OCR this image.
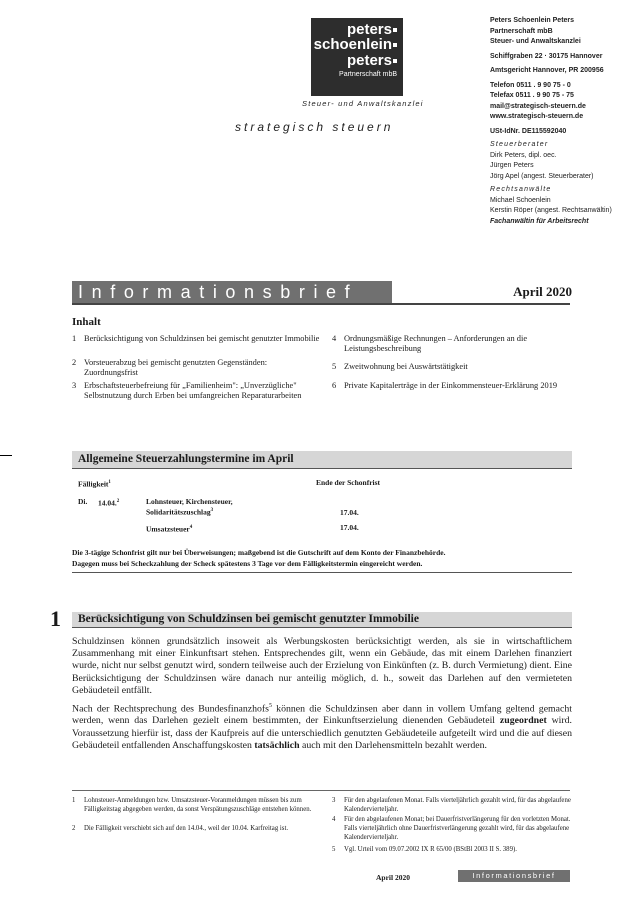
peters
schoenlein
peters
Partnerschaft mbB
Steuer- und Anwaltskanzlei
strategisch steuern
Peters Schoenlein Peters
Partnerschaft mbB
Steuer- und Anwaltskanzlei
Schiffgraben 22 · 30175 Hannover
Amtsgericht Hannover, PR 200956
Telefon 0511 . 9 90 75 - 0
Telefax 0511 . 9 90 75 - 75
mail@strategisch-steuern.de
www.strategisch-steuern.de
USt-IdNr. DE115592040
Steuerberater
Dirk Peters, dipl. oec.
Jürgen Peters
Jörg Apel (angest. Steuerberater)
Rechtsanwälte
Michael Schoenlein
Kerstin Röper (angest. Rechtsanwältin)
Fachanwältin für Arbeitsrecht
Informationsbrief	April 2020
Inhalt
1 Berücksichtigung von Schuldzinsen bei gemischt genutzter Immobilie
2 Vorsteuerabzug bei gemischt genutzten Gegenständen: Zuordnungsfrist
3 Erbschaftsteuerbefreiung für „Familienheim": „Unverzügliche" Selbstnutzung durch Erben bei umfangreichen Reparaturarbeiten
4 Ordnungsmäßige Rechnungen – Anforderungen an die Leistungsbeschreibung
5 Zweitwohnung bei Auswärtstätigkeit
6 Private Kapitalerträge in der Einkommensteuer-Erklärung 2019
Allgemeine Steuerzahlungstermine im April
Fälligkeit$^1$	Ende der Schonfrist
Di. 14.04.$^2$	Lohnsteuer, Kirchensteuer, Solidaritätszuschlag$^3$	17.04.
Umsatzsteuer$^4$	17.04.
Die 3-tägige Schonfrist gilt nur bei Überweisungen; maßgebend ist die Gutschrift auf dem Konto der Finanzbehörde.
Dagegen muss bei Scheckzahlung der Scheck spätestens 3 Tage vor dem Fälligkeitstermin eingereicht werden.
1 Berücksichtigung von Schuldzinsen bei gemischt genutzter Immobilie
Schuldzinsen können grundsätzlich insoweit als Werbungskosten berücksichtigt werden, als sie in wirtschaftlichem Zusammenhang mit einer Einkunftsart stehen. Entsprechendes gilt, wenn ein Gebäude, das mit einem Darlehen finanziert wurde, nicht nur selbst genutzt wird, sondern teilweise auch der Erzielung von Einkünften (z. B. durch Vermietung) dient. Eine Berücksichtigung der Schuldzinsen wäre danach nur anteilig möglich, d. h., soweit das Darlehen auf den vermieteten Gebäudeteil entfällt.
Nach der Rechtsprechung des Bundesfinanzhofs$^5$ können die Schuldzinsen aber dann in vollem Umfang geltend gemacht werden, wenn das Darlehen gezielt einem bestimmten, der Einkunftserzielung dienenden Gebäudeteil zugeordnet wird. Voraussetzung hierfür ist, dass der Kaufpreis auf die unterschiedlich genutzten Gebäudeteile aufgeteilt wird und die auf diesen Gebäudeteil entfallenden Anschaffungskosten tatsächlich auch mit den Darlehensmitteln bezahlt werden.
1 Lohnsteuer-Anmeldungen bzw. Umsatzsteuer-Voranmeldungen müssen bis zum Fälligkeitstag abgegeben werden, da sonst Verspätungszuschläge entstehen können.
2 Die Fälligkeit verschiebt sich auf den 14.04., weil der 10.04. Karfreitag ist.
3 Für den abgelaufenen Monat. Falls vierteljährlich gezahlt wird, für das abgelaufene Kalendervierteljahr.
4 Für den abgelaufenen Monat; bei Dauerfristverlängerung für den vorletzten Monat. Falls vierteljährlich ohne Dauerfristverlängerung gezahlt wird, für das abgelaufene Kalendervierteljahr.
5 Vgl. Urteil vom 09.07.2002 IX R 65/00 (BStBl 2003 II S. 389).
April 2020	Informationsbrief
